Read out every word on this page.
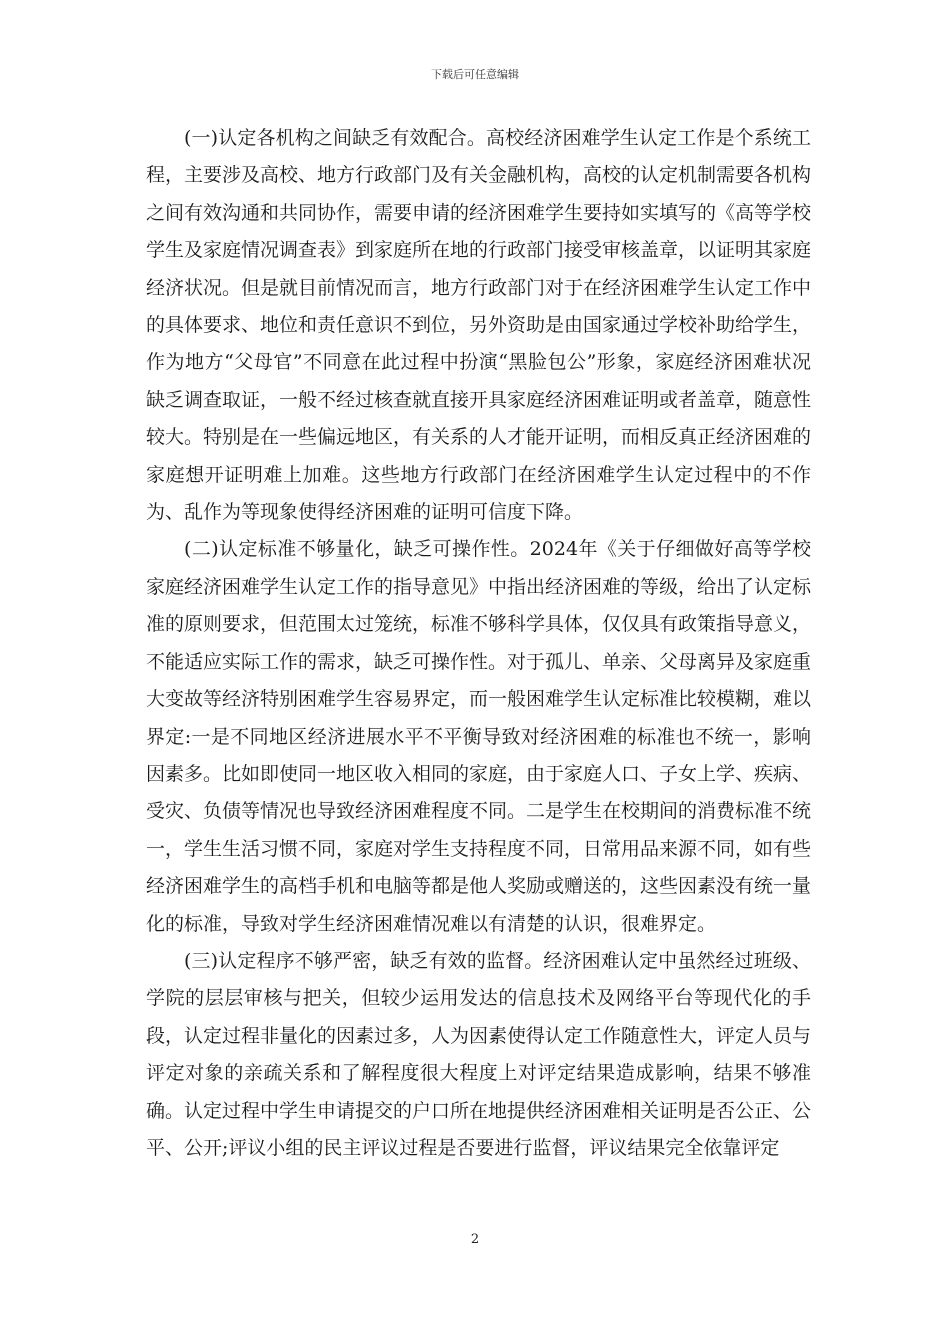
下载后可任意编辑

(一)认定各机构之间缺乏有效配合。高校经济困难学生认定工作是个系统工程，主要涉及高校、地方行政部门及有关金融机构，高校的认定机制需要各机构之间有效沟通和共同协作，需要申请的经济困难学生要持如实填写的《高等学校学生及家庭情况调查表》到家庭所在地的行政部门接受审核盖章，以证明其家庭经济状况。但是就目前情况而言，地方行政部门对于在经济困难学生认定工作中的具体要求、地位和责任意识不到位，另外资助是由国家通过学校补助给学生，作为地方“父母官”不同意在此过程中扮演“黑脸包公”形象，家庭经济困难状况缺乏调查取证，一般不经过核查就直接开具家庭经济困难证明或者盖章，随意性较大。特别是在一些偏远地区，有关系的人才能开证明，而相反真正经济困难的家庭想开证明难上加难。这些地方行政部门在经济困难学生认定过程中的不作为、乱作为等现象使得经济困难的证明可信度下降。

(二)认定标准不够量化，缺乏可操作性。2024年《关于仔细做好高等学校家庭经济困难学生认定工作的指导意见》中指出经济困难的等级，给出了认定标准的原则要求，但范围太过笼统，标准不够科学具体，仅仅具有政策指导意义，不能适应实际工作的需求，缺乏可操作性。对于孤儿、单亲、父母离异及家庭重大变故等经济特别困难学生容易界定，而一般困难学生认定标准比较模糊，难以界定:一是不同地区经济进展水平不平衡导致对经济困难的标准也不统一，影响因素多。比如即使同一地区收入相同的家庭，由于家庭人口、子女上学、疾病、受灾、负债等情况也导致经济困难程度不同。二是学生在校期间的消费标准不统一，学生生活习惯不同，家庭对学生支持程度不同，日常用品来源不同，如有些经济困难学生的高档手机和电脑等都是他人奖励或赠送的，这些因素没有统一量化的标准，导致对学生经济困难情况难以有清楚的认识，很难界定。

(三)认定程序不够严密，缺乏有效的监督。经济困难认定中虽然经过班级、学院的层层审核与把关，但较少运用发达的信息技术及网络平台等现代化的手段，认定过程非量化的因素过多，人为因素使得认定工作随意性大，评定人员与评定对象的亲疏关系和了解程度很大程度上对评定结果造成影响，结果不够准确。认定过程中学生申请提交的户口所在地提供经济困难相关证明是否公正、公平、公开;评议小组的民主评议过程是否要进行监督，评议结果完全依靠评定

2
